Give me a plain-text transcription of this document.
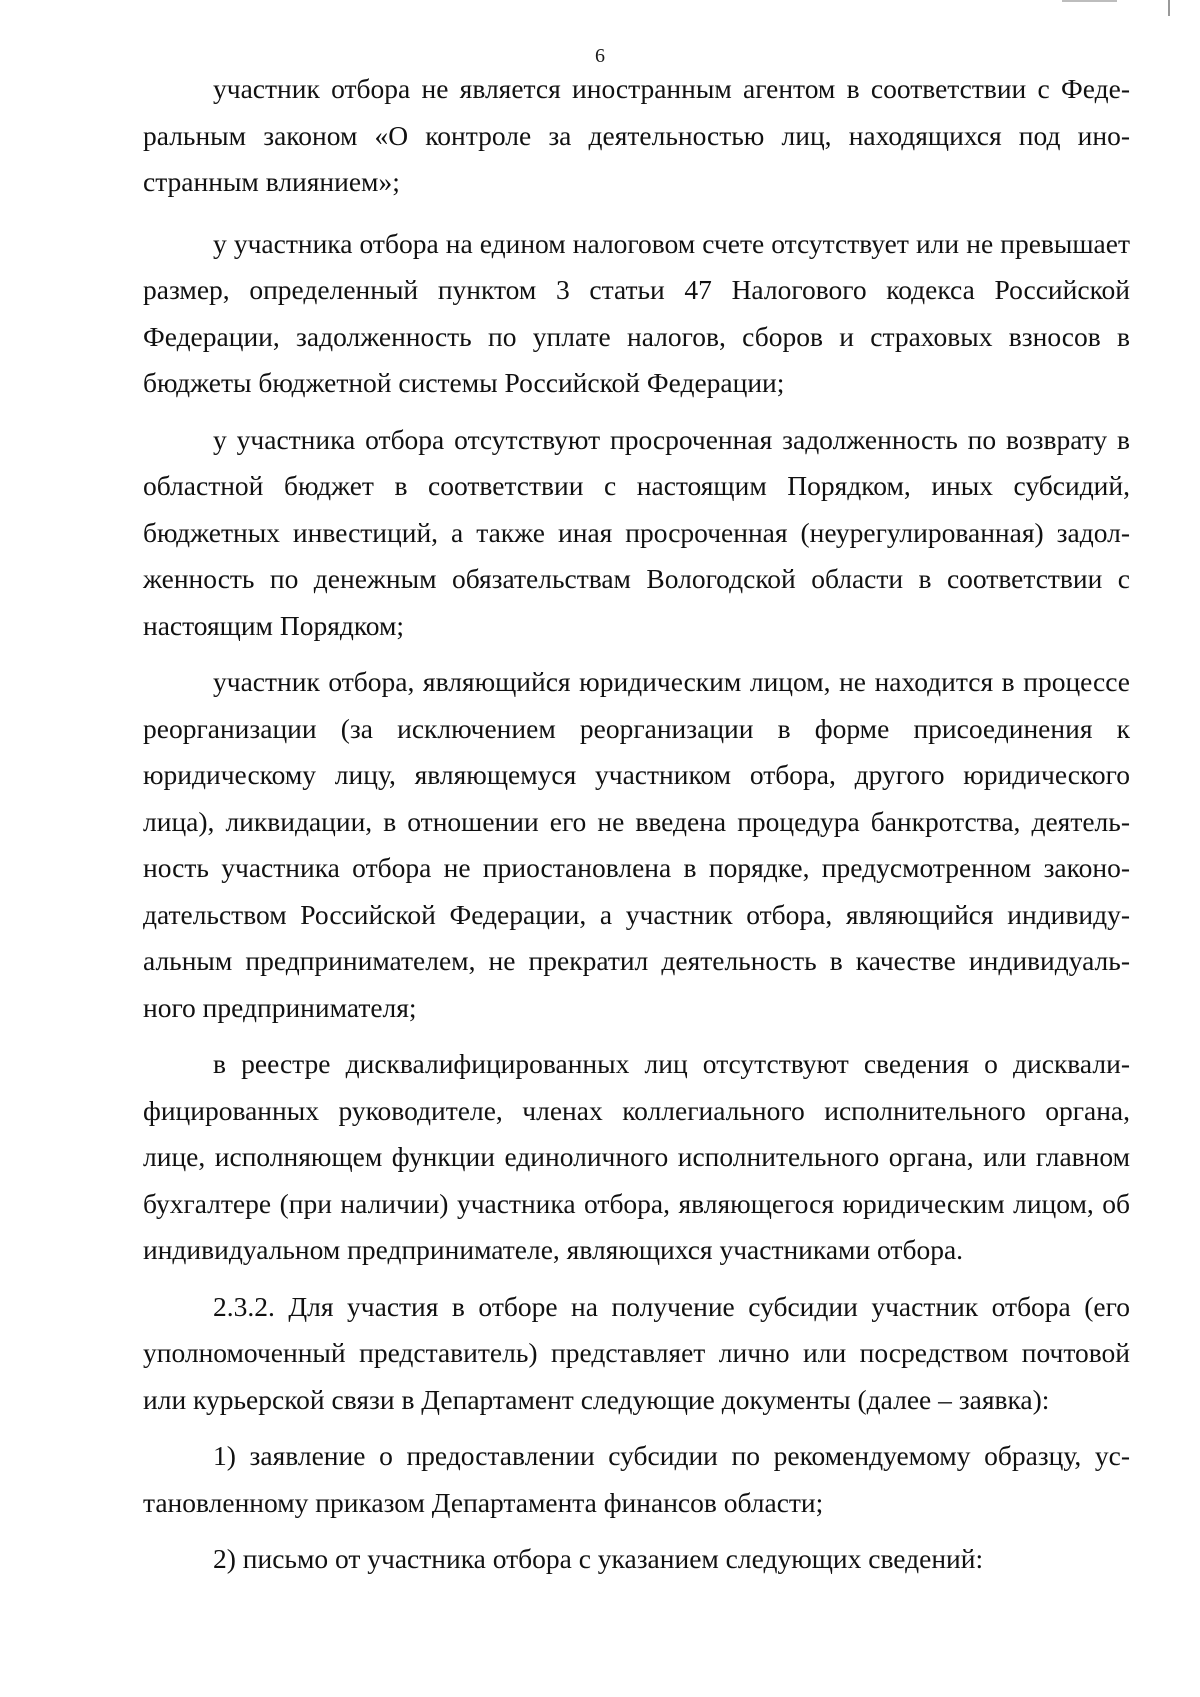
6

участник отбора не является иностранным агентом в соответствии с Федеральным законом «О контроле за деятельностью лиц, находящихся под иностранным влиянием»;

у участника отбора на едином налоговом счете отсутствует или не превышает размер, определенный пунктом 3 статьи 47 Налогового кодекса Российской Федерации, задолженность по уплате налогов, сборов и страховых взносов в бюджеты бюджетной системы Российской Федерации;

у участника отбора отсутствуют просроченная задолженность по возврату в областной бюджет в соответствии с настоящим Порядком, иных субсидий, бюджетных инвестиций, а также иная просроченная (неурегулированная) задолженность по денежным обязательствам Вологодской области в соответствии с настоящим Порядком;

участник отбора, являющийся юридическим лицом, не находится в процессе реорганизации (за исключением реорганизации в форме присоединения к юридическому лицу, являющемуся участником отбора, другого юридического лица), ликвидации, в отношении его не введена процедура банкротства, деятельность участника отбора не приостановлена в порядке, предусмотренном законодательством Российской Федерации, а участник отбора, являющийся индивидуальным предпринимателем, не прекратил деятельность в качестве индивидуального предпринимателя;

в реестре дисквалифицированных лиц отсутствуют сведения о дисквалифицированных руководителе, членах коллегиального исполнительного органа, лице, исполняющем функции единоличного исполнительного органа, или главном бухгалтере (при наличии) участника отбора, являющегося юридическим лицом, об индивидуальном предпринимателе, являющихся участниками отбора.

2.3.2. Для участия в отборе на получение субсидии участник отбора (его уполномоченный представитель) представляет лично или посредством почтовой или курьерской связи в Департамент следующие документы (далее – заявка):

1) заявление о предоставлении субсидии по рекомендуемому образцу, установленному приказом Департамента финансов области;

2) письмо от участника отбора с указанием следующих сведений:
